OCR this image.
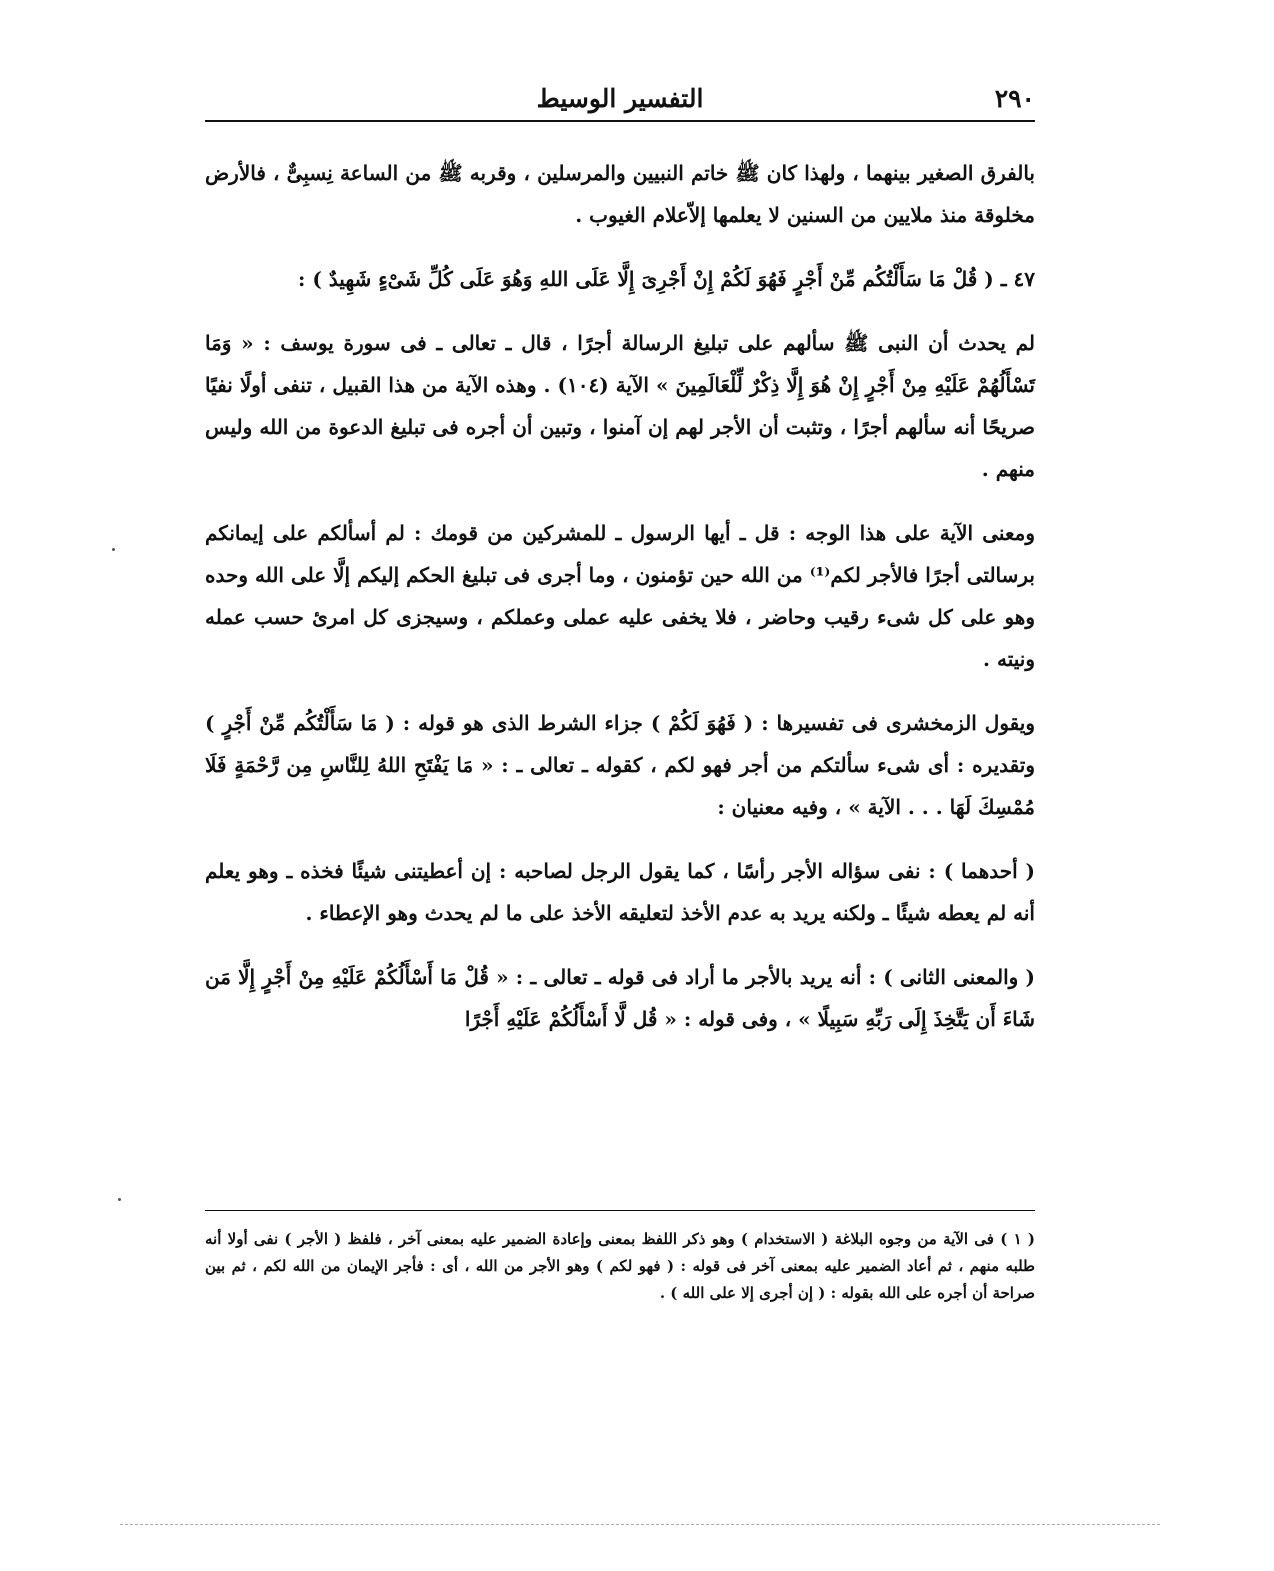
٢٩٠
التفسير الوسيط

بالفرق الصغير بينهما ، ولهذا كان ﷺ خاتم النبيين والمرسلين ، وقربه ﷺ من الساعة نِسبِىٌّ ، فالأرض مخلوقة منذ ملايين من السنين لا يعلمها إلاّعلام الغيوب .

٤٧ ـ ( قُلْ مَا سَأَلْتُكُم مِّنْ أَجْرٍ فَهُوَ لَكُمْ إِنْ أَجْرِىَ إِلَّا عَلَى اللهِ وَهُوَ عَلَى كُلِّ شَىْءٍ شَهِيدٌ ) :

لم يحدث أن النبى ﷺ سألهم على تبليغ الرسالة أجرًا ، قال ـ تعالى ـ فى سورة يوسف : « وَمَا تَسْأَلُهُمْ عَلَيْهِ مِنْ أَجْرٍ إِنْ هُوَ إِلَّا ذِكْرٌ لِّلْعَالَمِينَ » الآية (١٠٤) . وهذه الآية من هذا القبيل ، تنفى أولًا نفيًا صريحًا أنه سألهم أجرًا ، وتثبت أن الأجر لهم إن آمنوا ، وتبين أن أجره فى تبليغ الدعوة من الله وليس منهم .

ومعنى الآية على هذا الوجه : قل ـ أيها الرسول ـ للمشركين من قومك : لم أسألكم على إيمانكم برسالتى أجرًا فالأجر لكم⁽¹⁾ من الله حين تؤمنون ، وما أجرى فى تبليغ الحكم إليكم إلَّا على الله وحده وهو على كل شىء رقيب وحاضر ، فلا يخفى عليه عملى وعملكم ، وسيجزى كل امرئ حسب عمله ونيته .

ويقول الزمخشرى فى تفسيرها : ( فَهُوَ لَكُمْ ) جزاء الشرط الذى هو قوله : ( مَا سَأَلْتُكُم مِّنْ أَجْرٍ ) وتقديره : أى شىء سألتكم من أجر فهو لكم ، كقوله ـ تعالى ـ : « مَا يَفْتَحِ اللهُ لِلنَّاسِ مِن رَّحْمَةٍ فَلَا مُمْسِكَ لَهَا . . . الآية » ، وفيه معنيان :

( أحدهما ) : نفى سؤاله الأجر رأسًا ، كما يقول الرجل لصاحبه : إن أعطيتنى شيئًا فخذه ـ وهو يعلم أنه لم يعطه شيئًا ـ ولكنه يريد به عدم الأخذ لتعليقه الأخذ على ما لم يحدث وهو الإعطاء .

( والمعنى الثانى ) : أنه يريد بالأجر ما أراد فى قوله ـ تعالى ـ : « قُلْ مَا أَسْأَلُكُمْ عَلَيْهِ مِنْ أَجْرٍ إِلَّا مَن شَاءَ أَن يَتَّخِذَ إِلَى رَبِّهِ سَبِيلًا » ، وفى قوله : « قُل لَّا أَسْأَلُكُمْ عَلَيْهِ أَجْرًا

( ١ ) فى الآية من وجوه البلاغة ( الاستخدام ) وهو ذكر اللفظ بمعنى وإعادة الضمير عليه بمعنى آخر ، فلفظ ( الأجر ) نفى أولا أنه طلبه منهم ، ثم أعاد الضمير عليه بمعنى آخر فى قوله : ( فهو لكم ) وهو الأجر من الله ، أى : فأجر الإيمان من الله لكم ، ثم بين صراحة أن أجره على الله بقوله : ( إن أجرى إلا على الله ) .
